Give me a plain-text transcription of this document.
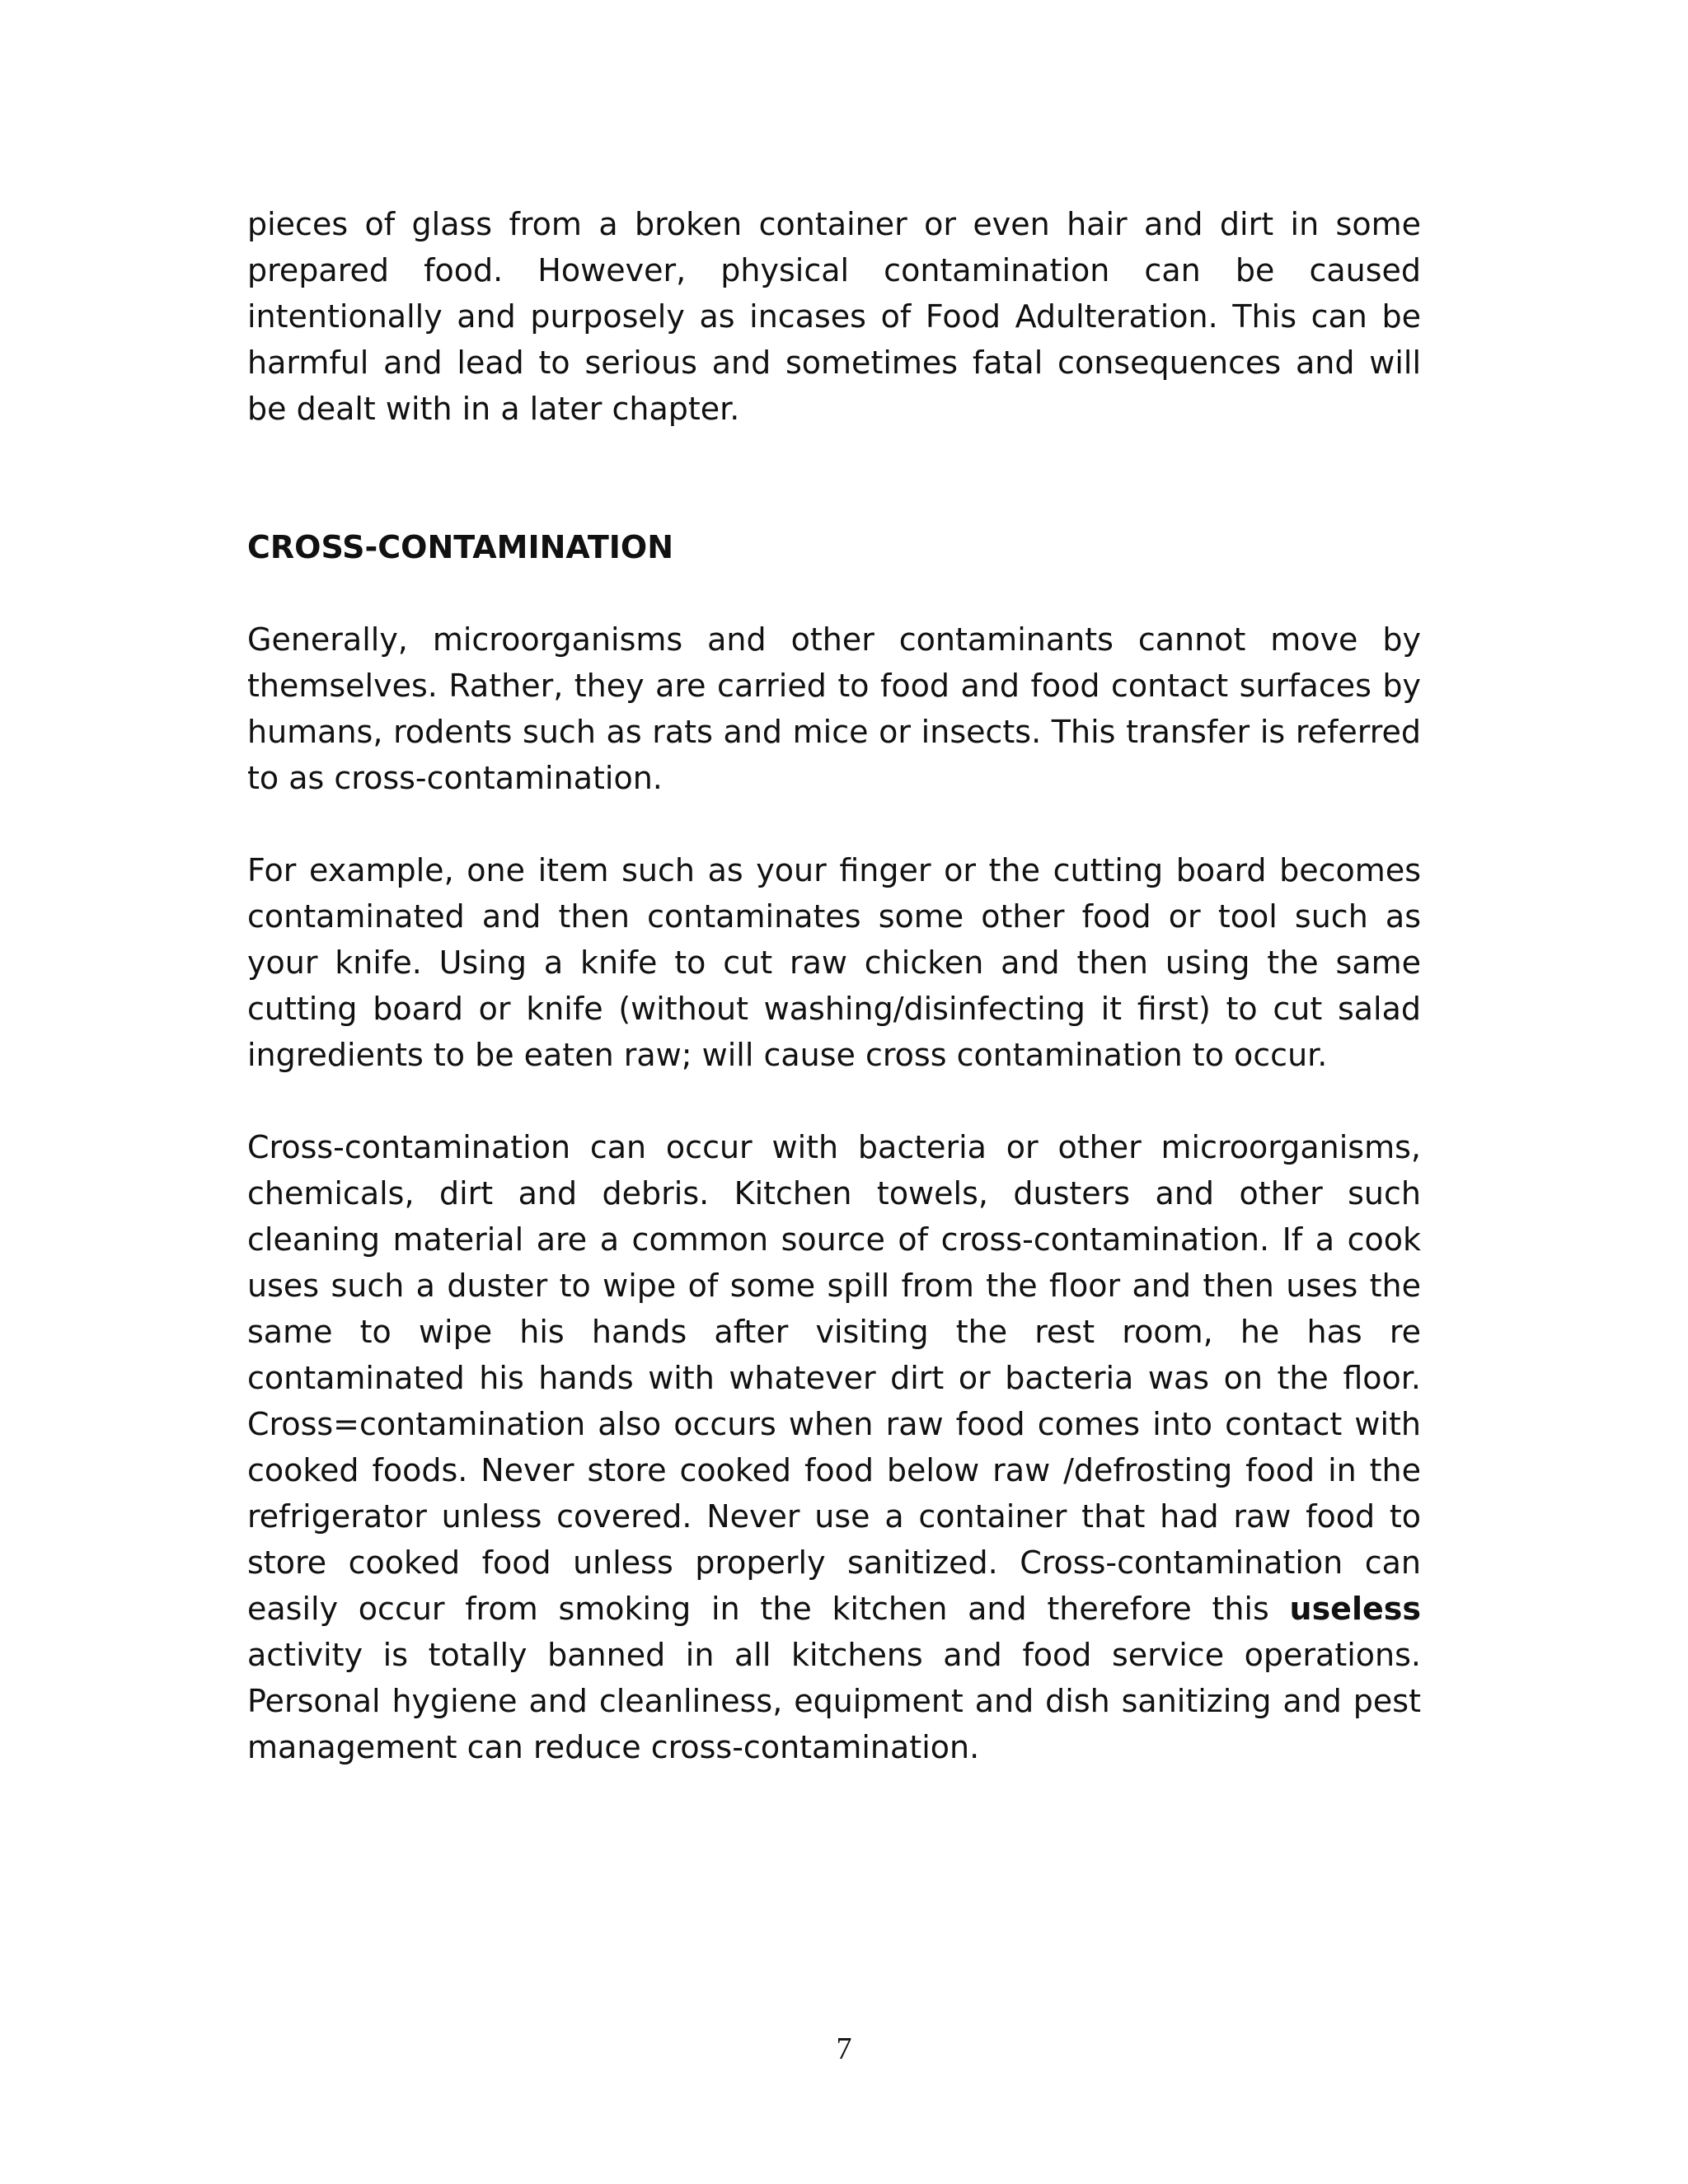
pieces of glass from a broken container or even hair and dirt in some prepared food. However, physical contamination can be caused intentionally and purposely as incases of Food Adulteration. This can be harmful and lead to serious and sometimes fatal consequences and will be dealt with in a later chapter.

CROSS-CONTAMINATION

Generally, microorganisms and other contaminants cannot move by themselves. Rather, they are carried to food and food contact surfaces by humans, rodents such as rats and mice or insects. This transfer is referred to as cross-contamination.

For example, one item such as your finger or the cutting board becomes contaminated and then contaminates some other food or tool such as your knife. Using a knife to cut raw chicken and then using the same cutting board or knife (without washing/disinfecting it first) to cut salad ingredients to be eaten raw; will cause cross contamination to occur.

Cross-contamination can occur with bacteria or other microorganisms, chemicals, dirt and debris. Kitchen towels, dusters and other such cleaning material are a common source of cross-contamination. If a cook uses such a duster to wipe of some spill from the floor and then uses the same to wipe his hands after visiting the rest room, he has re contaminated his hands with whatever dirt or bacteria was on the floor. Cross=contamination also occurs when raw food comes into contact with cooked foods. Never store cooked food below raw /defrosting food in the refrigerator unless covered. Never use a container that had raw food to store cooked food unless properly sanitized. Cross-contamination can easily occur from smoking in the kitchen and therefore this useless activity is totally banned in all kitchens and food service operations. Personal hygiene and cleanliness, equipment and dish sanitizing and pest management can reduce cross-contamination.

7
